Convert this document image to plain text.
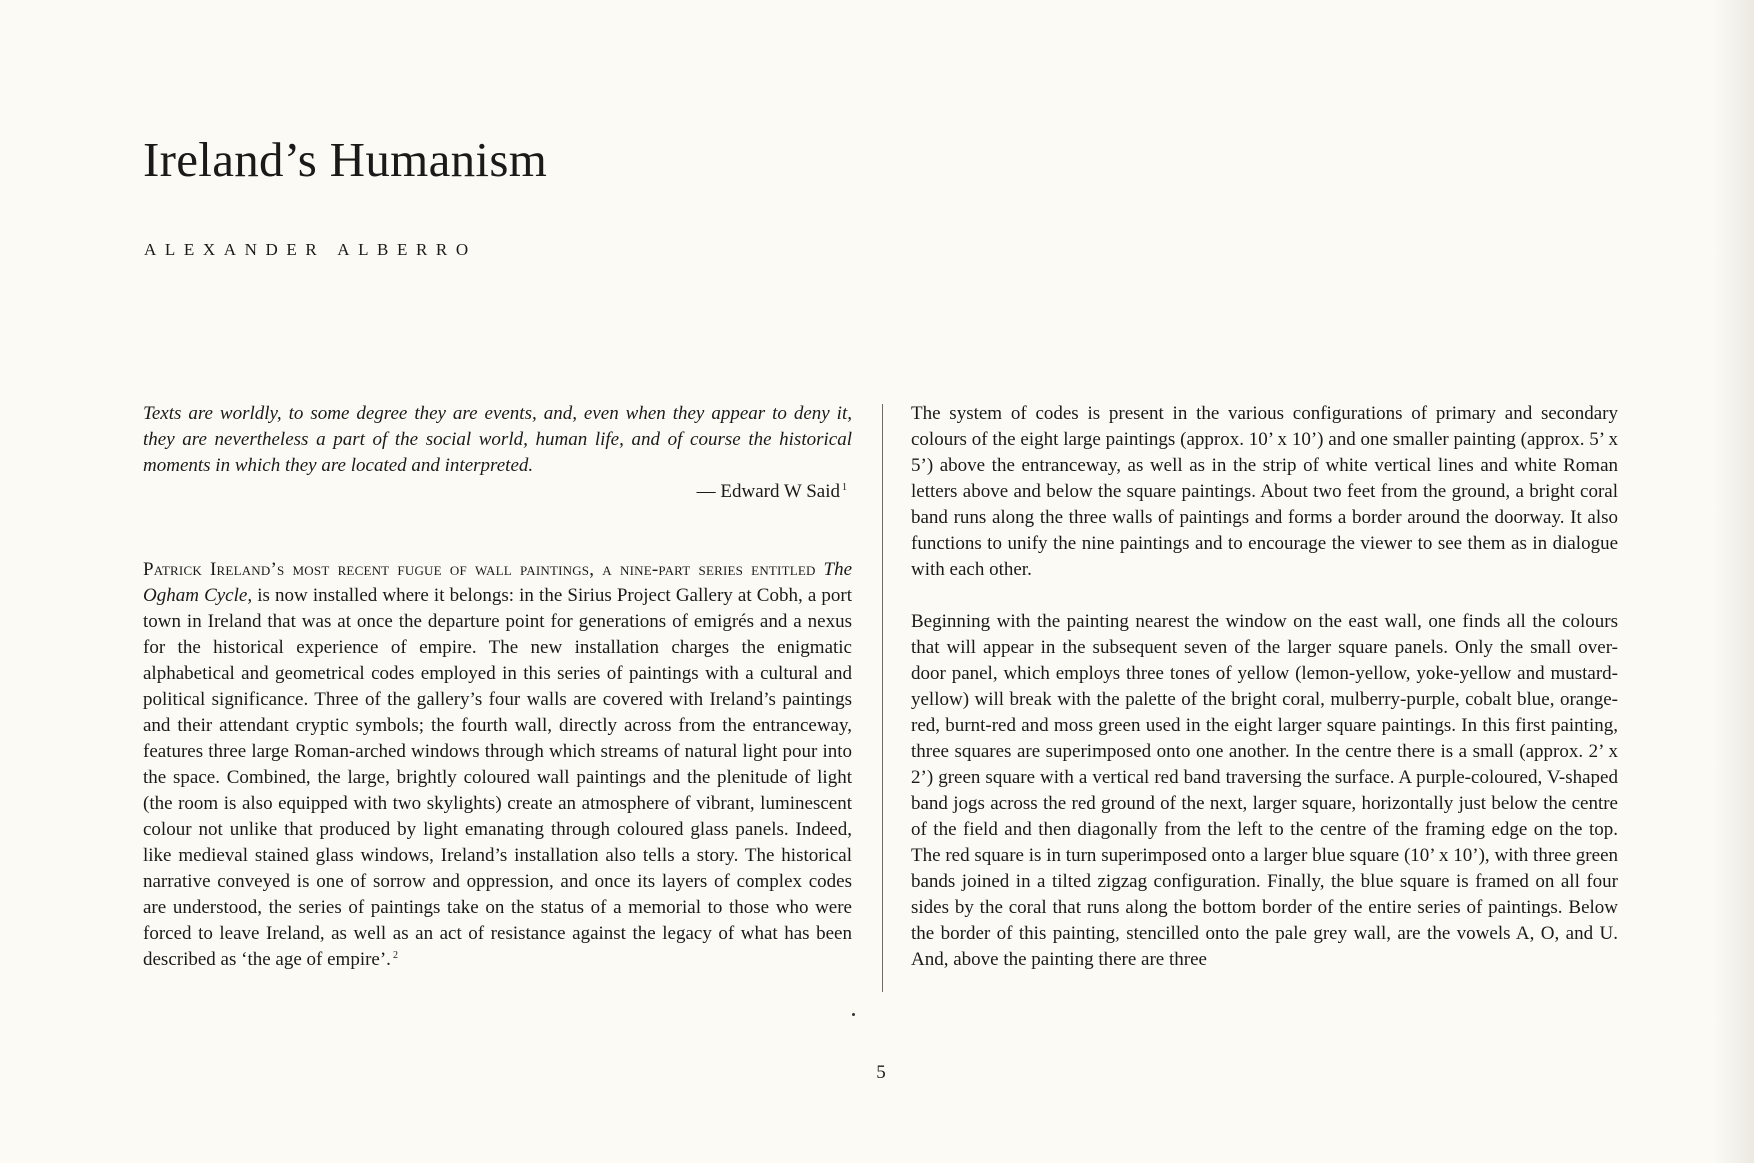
Ireland’s Humanism

ALEXANDER ALBERRO

Texts are worldly, to some degree they are events, and, even when they appear to deny it, they are nevertheless a part of the social world, human life, and of course the historical moments in which they are located and interpreted.

— Edward W Said $^1$

Patrick Ireland’s most recent fugue of wall paintings, a nine-part series entitled The Ogham Cycle, is now installed where it belongs: in the Sirius Project Gallery at Cobh, a port town in Ireland that was at once the departure point for generations of emigrés and a nexus for the historical experience of empire. The new installation charges the enigmatic alphabetical and geometrical codes employed in this series of paintings with a cultural and political significance. Three of the gallery’s four walls are covered with Ireland’s paintings and their attendant cryptic symbols; the fourth wall, directly across from the entranceway, features three large Roman-arched windows through which streams of natural light pour into the space. Combined, the large, brightly coloured wall paintings and the plenitude of light (the room is also equipped with two skylights) create an atmosphere of vibrant, luminescent colour not unlike that produced by light emanating through coloured glass panels. Indeed, like medieval stained glass windows, Ireland’s installation also tells a story. The historical narrative conveyed is one of sorrow and oppression, and once its layers of complex codes are understood, the series of paintings take on the status of a memorial to those who were forced to leave Ireland, as well as an act of resistance against the legacy of what has been described as ‘the age of empire’. $^2$

The system of codes is present in the various configurations of primary and secondary colours of the eight large paintings (approx. 10’ x 10’) and one smaller painting (approx. 5’ x 5’) above the entranceway, as well as in the strip of white vertical lines and white Roman letters above and below the square paintings. About two feet from the ground, a bright coral band runs along the three walls of paintings and forms a border around the doorway. It also functions to unify the nine paintings and to encourage the viewer to see them as in dialogue with each other.

Beginning with the painting nearest the window on the east wall, one finds all the colours that will appear in the subsequent seven of the larger square panels. Only the small over-door panel, which employs three tones of yellow (lemon-yellow, yoke-yellow and mustard-yellow) will break with the palette of the bright coral, mulberry-purple, cobalt blue, orange-red, burnt-red and moss green used in the eight larger square paintings. In this first painting, three squares are superimposed onto one another. In the centre there is a small (approx. 2’ x 2’) green square with a vertical red band traversing the surface. A purple-coloured, V-shaped band jogs across the red ground of the next, larger square, horizontally just below the centre of the field and then diagonally from the left to the centre of the framing edge on the top. The red square is in turn superimposed onto a larger blue square (10’ x 10’), with three green bands joined in a tilted zigzag configuration. Finally, the blue square is framed on all four sides by the coral that runs along the bottom border of the entire series of paintings. Below the border of this painting, stencilled onto the pale grey wall, are the vowels A, O, and U. And, above the painting there are three

5
